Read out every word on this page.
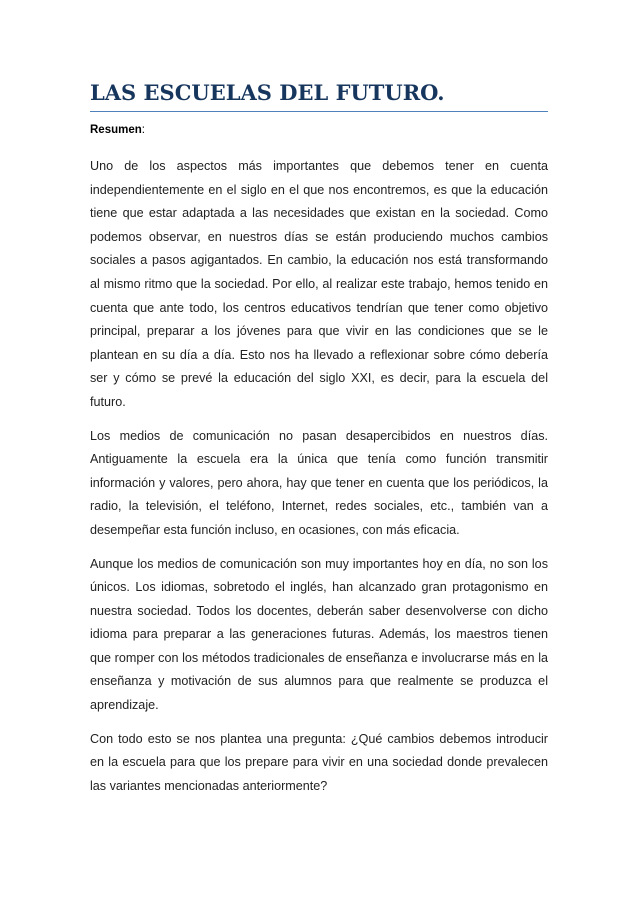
LAS ESCUELAS DEL FUTURO.

Resumen:

Uno de los aspectos más importantes que debemos tener en cuenta independientemente en el siglo en el que nos encontremos, es que la educación tiene que estar adaptada a las necesidades que existan en la sociedad. Como podemos observar, en nuestros días se están produciendo muchos cambios sociales a pasos agigantados. En cambio, la educación nos está transformando al mismo ritmo que la sociedad. Por ello, al realizar este trabajo, hemos tenido en cuenta que ante todo, los centros educativos tendrían que tener como objetivo principal, preparar a los jóvenes para que vivir en las condiciones que se le plantean en su día a día. Esto nos ha llevado a reflexionar sobre cómo debería ser y cómo se prevé la educación del siglo XXI, es decir, para la escuela del futuro.

Los medios de comunicación no pasan desapercibidos en nuestros días. Antiguamente la escuela era la única que tenía como función transmitir información y valores, pero ahora, hay que tener en cuenta que los periódicos, la radio, la televisión, el teléfono, Internet, redes sociales, etc., también van a desempeñar esta función incluso, en ocasiones, con más eficacia.

Aunque los medios de comunicación son muy importantes hoy en día, no son los únicos. Los idiomas, sobretodo el inglés, han alcanzado gran protagonismo en nuestra sociedad. Todos los docentes, deberán saber desenvolverse con dicho idioma para preparar a las generaciones futuras. Además, los maestros tienen que romper con los métodos tradicionales de enseñanza e involucrarse más en la enseñanza y motivación de sus alumnos para que realmente se produzca el aprendizaje.

Con todo esto se nos plantea una pregunta: ¿Qué cambios debemos introducir en la escuela para que los prepare para vivir en una sociedad donde prevalecen las variantes mencionadas anteriormente?
